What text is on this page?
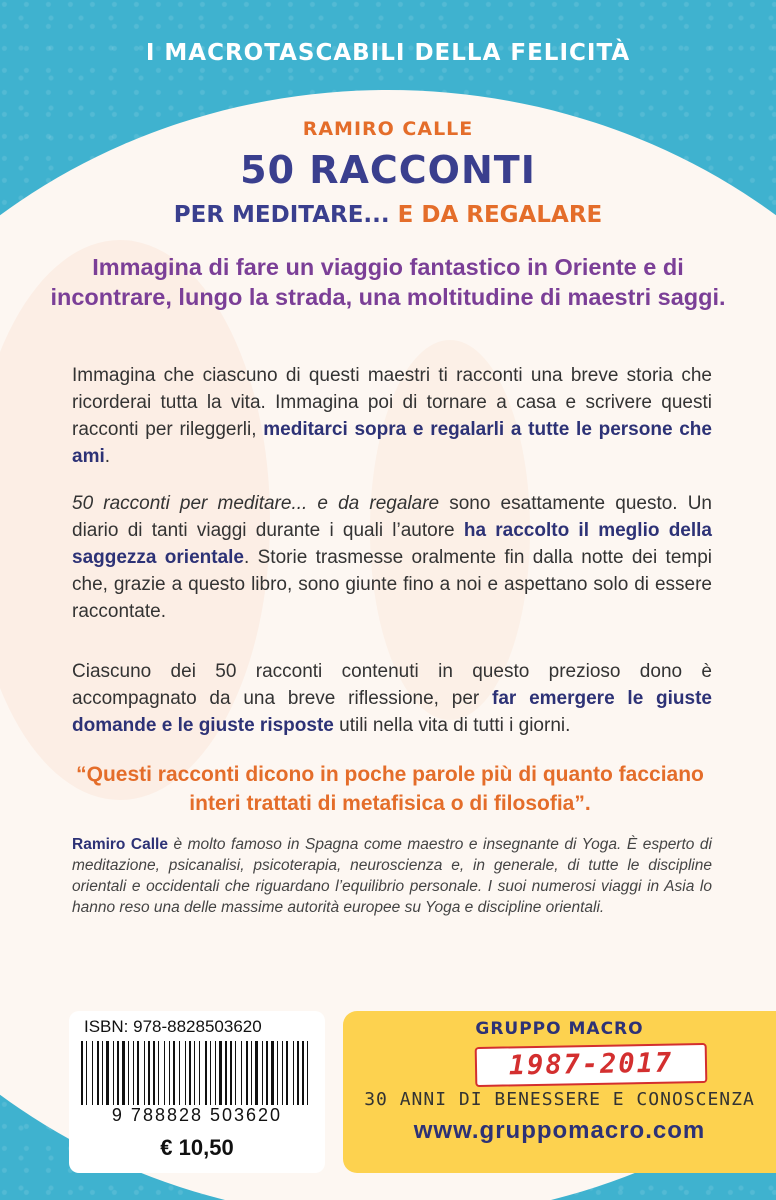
I MACROTASCABILI DELLA FELICITÀ
RAMIRO CALLE
50 RACCONTI
PER MEDITARE... E DA REGALARE
Immagina di fare un viaggio fantastico in Oriente e di incontrare, lungo la strada, una moltitudine di maestri saggi.
Immagina che ciascuno di questi maestri ti racconti una breve storia che ricorderai tutta la vita. Immagina poi di tornare a casa e scrivere questi racconti per rileggerli, meditarci sopra e regalarli a tutte le persone che ami.
50 racconti per meditare... e da regalare sono esattamente questo. Un diario di tanti viaggi durante i quali l’autore ha raccolto il meglio della saggezza orientale. Storie trasmesse oralmente fin dalla notte dei tempi che, grazie a questo libro, sono giunte fino a noi e aspettano solo di essere raccontate.
Ciascuno dei 50 racconti contenuti in questo prezioso dono è accompagnato da una breve riflessione, per far emergere le giuste domande e le giuste risposte utili nella vita di tutti i giorni.
“Questi racconti dicono in poche parole più di quanto facciano interi trattati di metafisica o di filosofia”.
Ramiro Calle è molto famoso in Spagna come maestro e insegnante di Yoga. È esperto di meditazione, psicanalisi, psicoterapia, neuroscienza e, in generale, di tutte le discipline orientali e occidentali che riguardano l’equilibrio personale. I suoi numerosi viaggi in Asia lo hanno reso una delle massime autorità europee su Yoga e discipline orientali.
ISBN: 978-8828503620
9 788828 503620
€ 10,50
GRUPPO MACRO
1987-2017
30 ANNI DI BENESSERE E CONOSCENZA
www.gruppomacro.com
